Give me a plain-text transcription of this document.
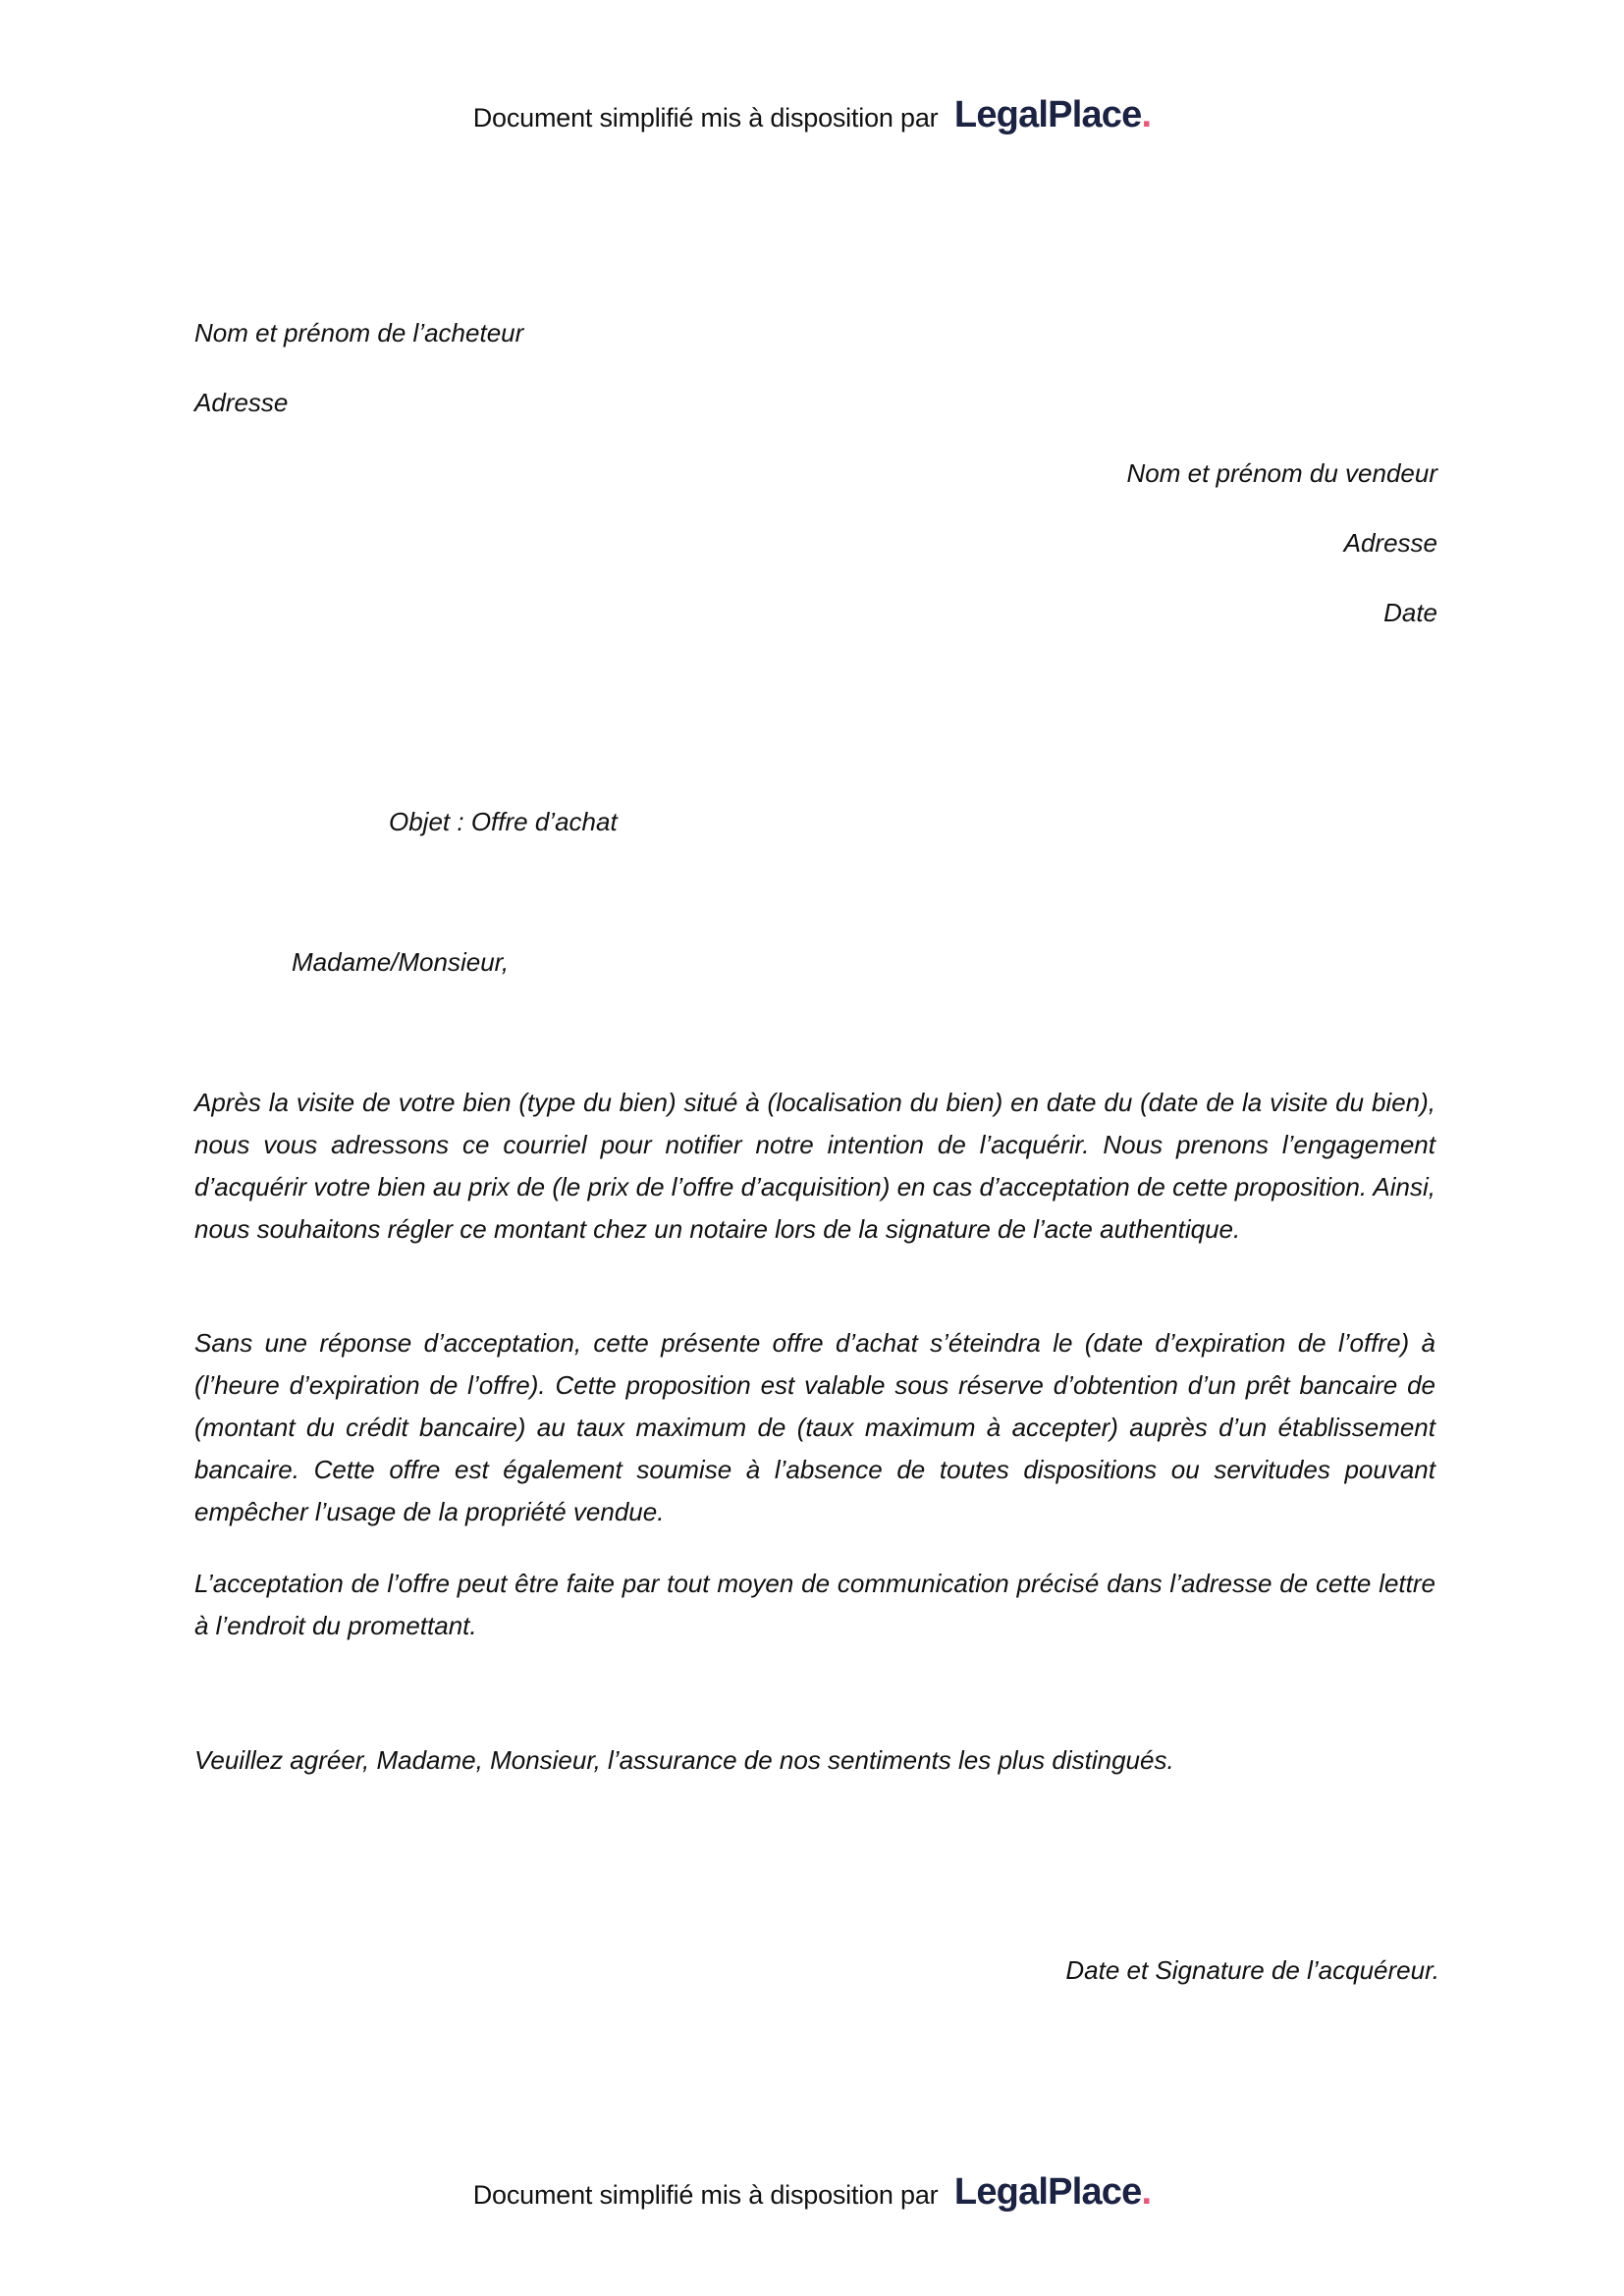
Document simplifié mis à disposition par LegalPlace.
Nom et prénom de l’acheteur
Adresse
Nom et prénom du vendeur
Adresse
Date
Objet : Offre d’achat
Madame/Monsieur,

Après la visite de votre bien (type du bien) situé à (localisation du bien) en date du (date de la visite du bien), nous vous adressons ce courriel pour notifier notre intention de l’acquérir. Nous prenons l’engagement d’acquérir votre bien au prix de (le prix de l’offre d’acquisition) en cas d’acceptation de cette proposition. Ainsi, nous souhaitons régler ce montant chez un notaire lors de la signature de l’acte authentique.

Sans une réponse d’acceptation, cette présente offre d’achat s’éteindra le (date d’expiration de l’offre) à (l’heure d’expiration de l’offre). Cette proposition est valable sous réserve d’obtention d’un prêt bancaire de (montant du crédit bancaire) au taux maximum de (taux maximum à accepter) auprès d’un établissement bancaire. Cette offre est également soumise à l’absence de toutes dispositions ou servitudes pouvant empêcher l’usage de la propriété vendue.

L’acceptation de l’offre peut être faite par tout moyen de communication précisé dans l’adresse de cette lettre à l’endroit du promettant.

Veuillez agréer, Madame, Monsieur, l’assurance de nos sentiments les plus distingués.
Date et Signature de l’acquéreur.
Document simplifié mis à disposition par LegalPlace.
